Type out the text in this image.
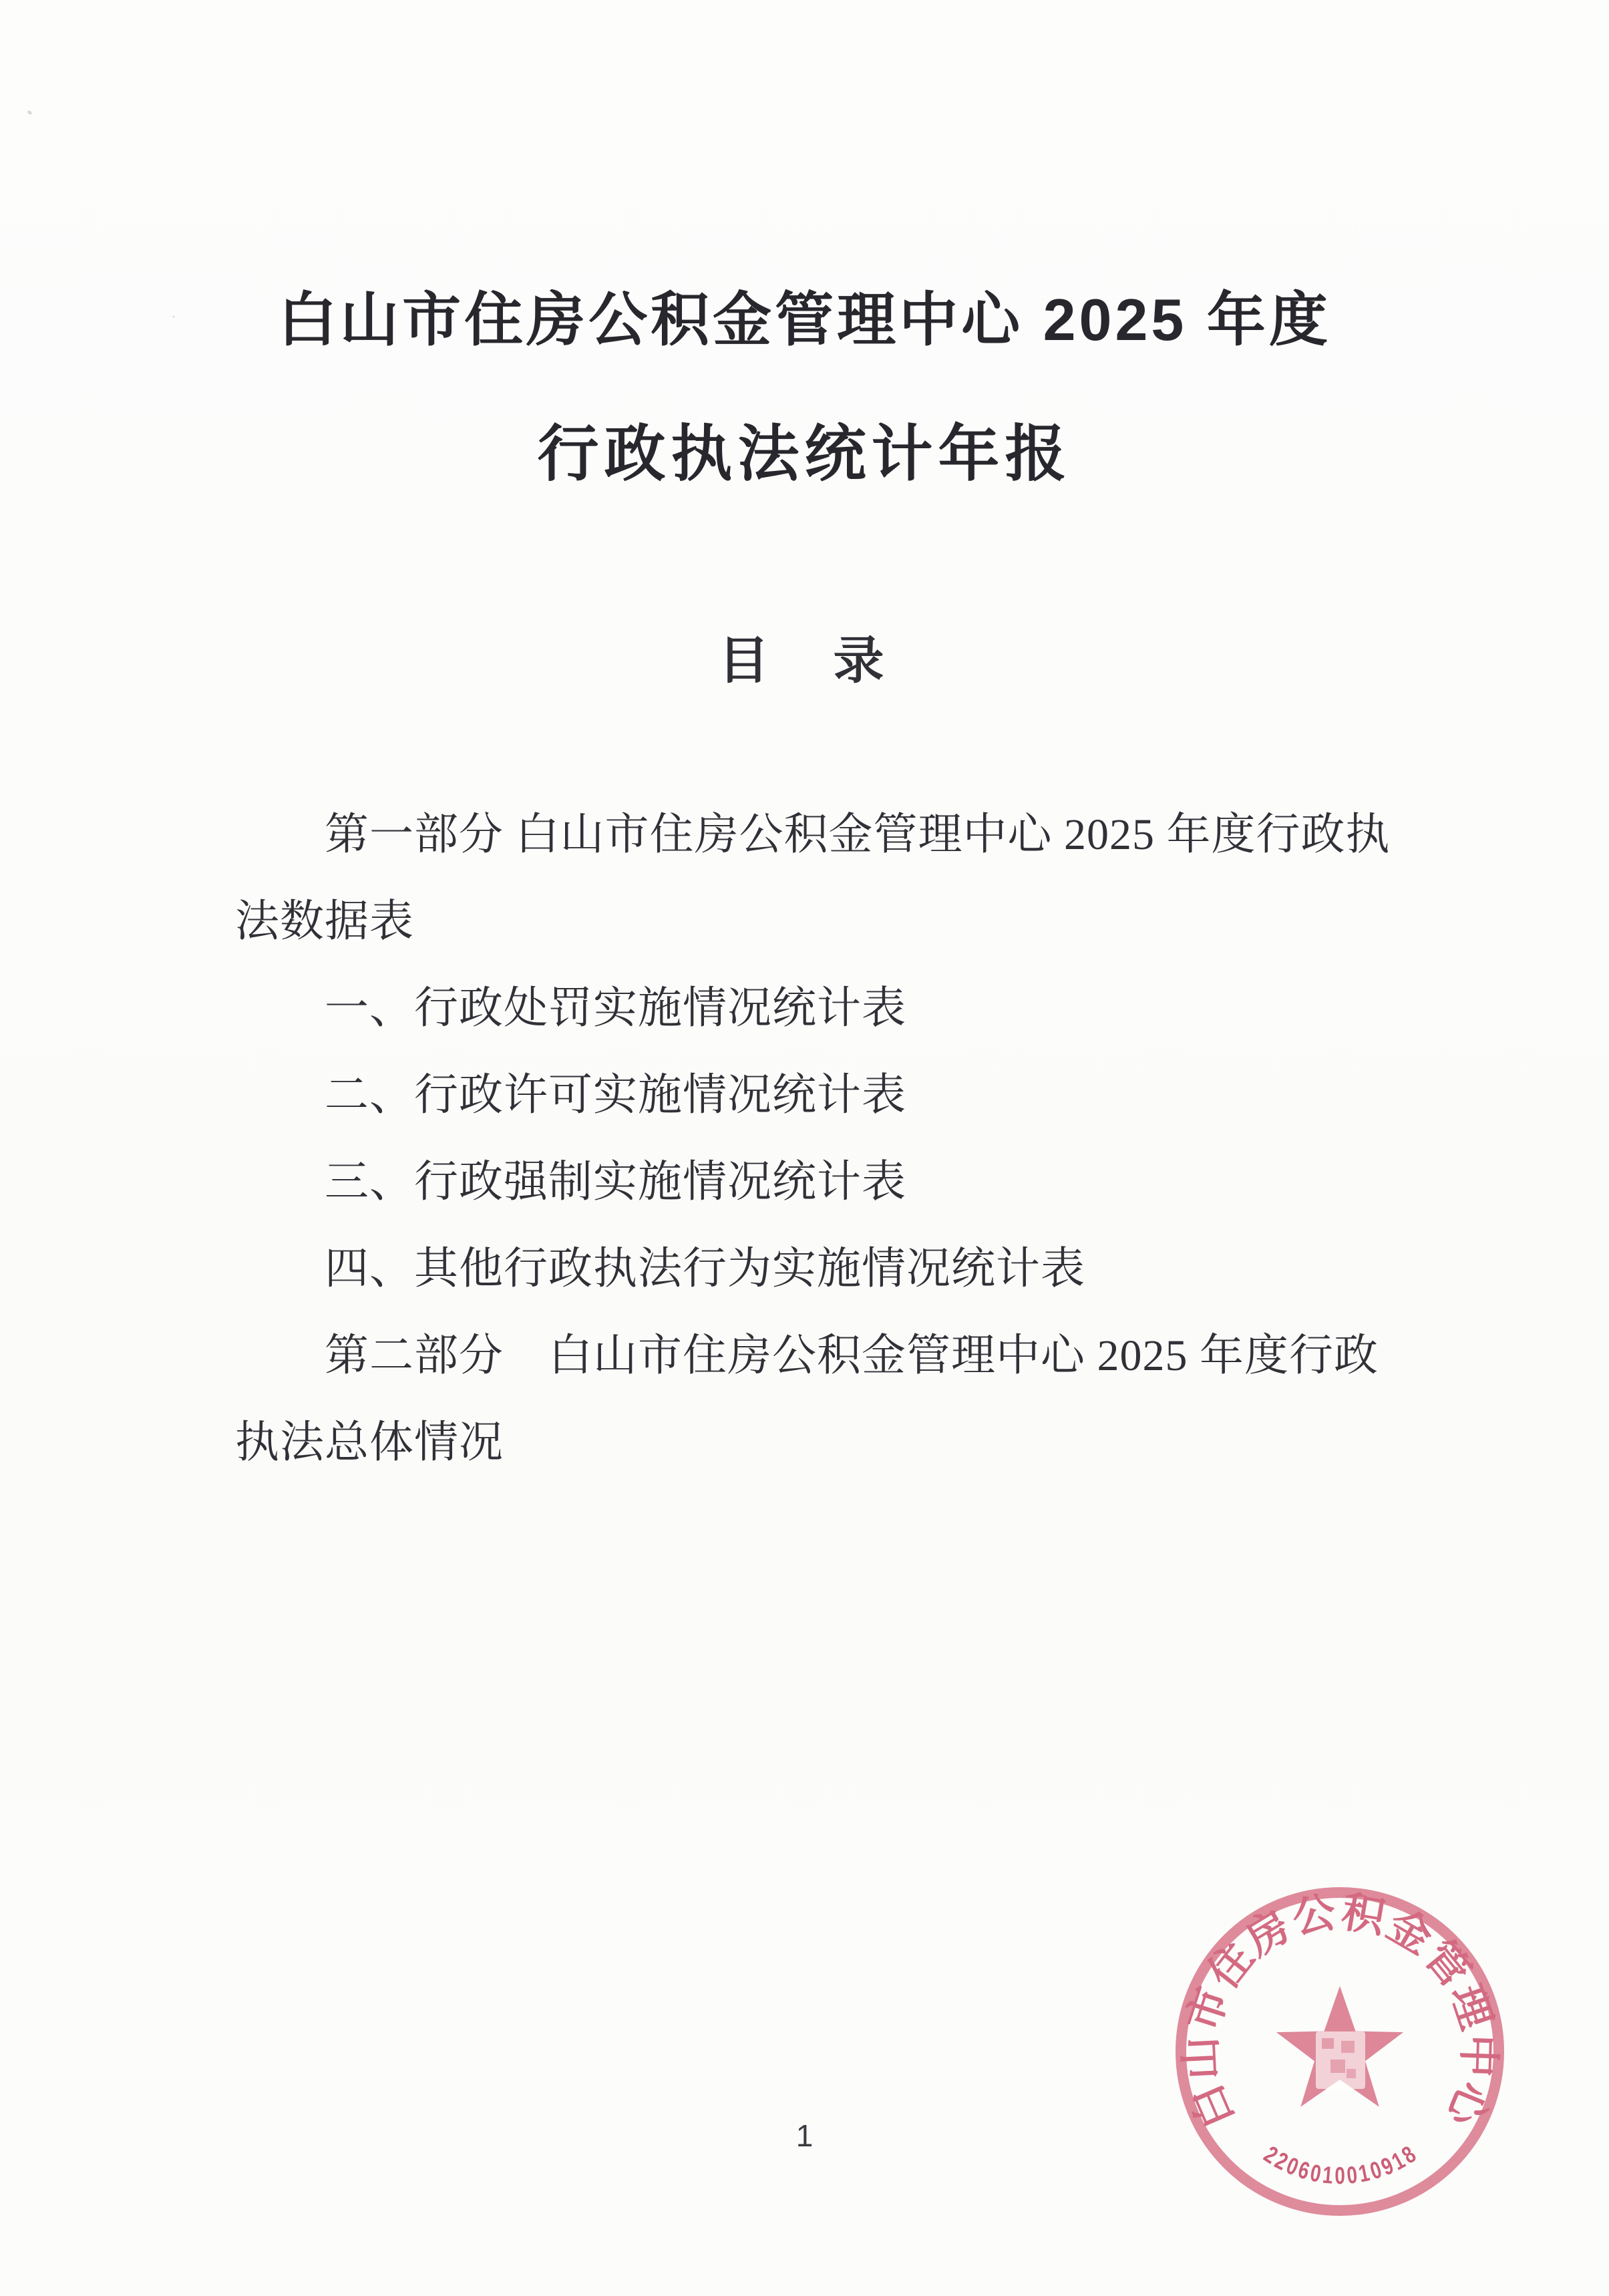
白山市住房公积金管理中心 2025 年度
行政执法统计年报
目　录
第一部分 白山市住房公积金管理中心 2025 年度行政执
法数据表
一、行政处罚实施情况统计表
二、行政许可实施情况统计表
三、行政强制实施情况统计表
四、其他行政执法行为实施情况统计表
第二部分　白山市住房公积金管理中心 2025 年度行政
执法总体情况
1
白山市住房公积金管理中心
2206010010918
